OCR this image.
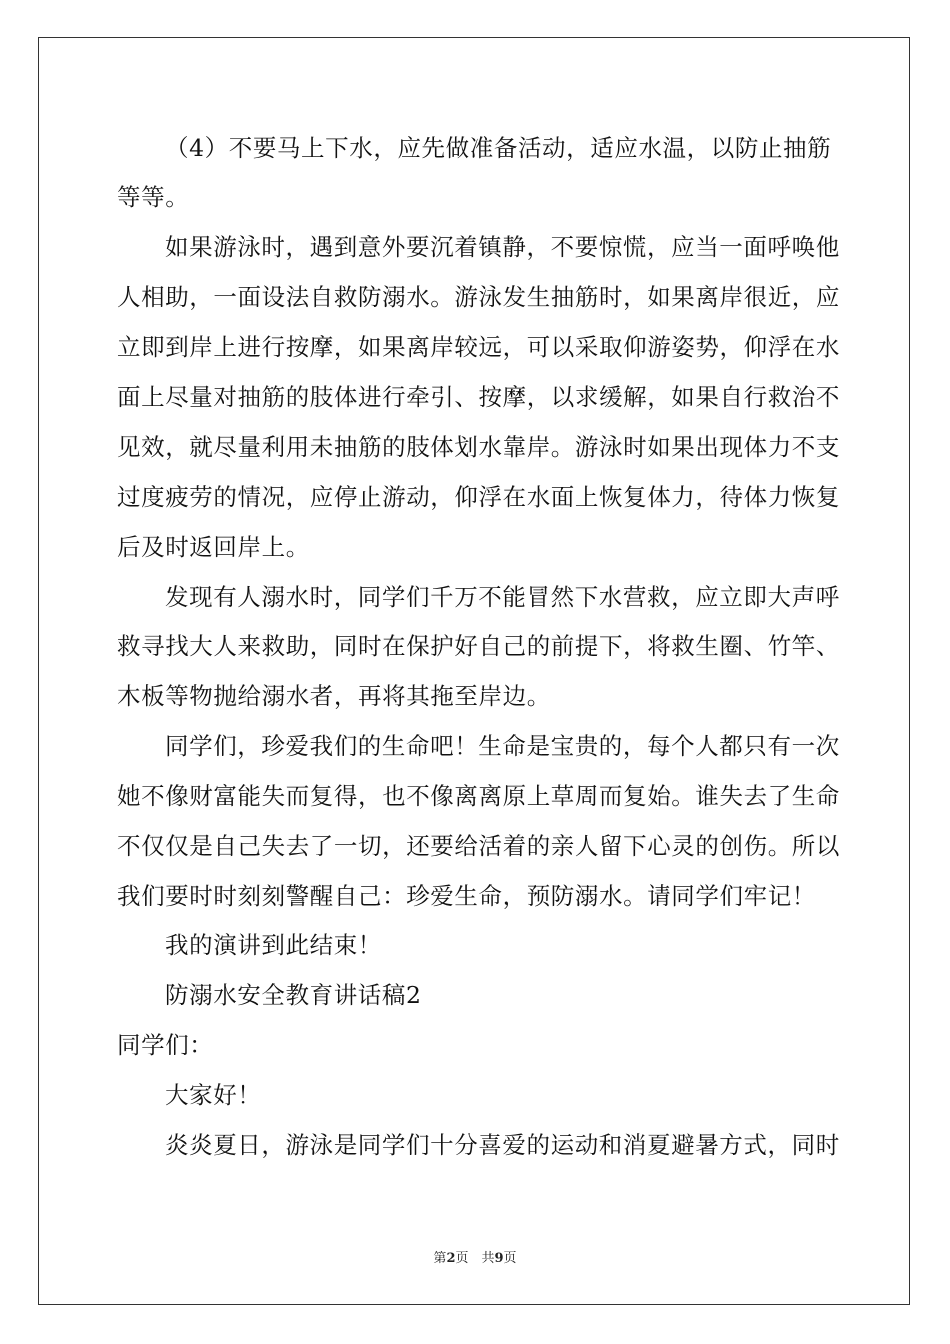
（4）不要马上下水，应先做准备活动，适应水温，以防止抽筋
等等。
如果游泳时，遇到意外要沉着镇静，不要惊慌，应当一面呼唤他
人相助，一面设法自救防溺水。游泳发生抽筋时，如果离岸很近，应
立即到岸上进行按摩，如果离岸较远，可以采取仰游姿势，仰浮在水
面上尽量对抽筋的肢体进行牵引、按摩，以求缓解，如果自行救治不
见效，就尽量利用未抽筋的肢体划水靠岸。游泳时如果出现体力不支
过度疲劳的情况，应停止游动，仰浮在水面上恢复体力，待体力恢复
后及时返回岸上。
发现有人溺水时，同学们千万不能冒然下水营救，应立即大声呼
救寻找大人来救助，同时在保护好自己的前提下，将救生圈、竹竿、
木板等物抛给溺水者，再将其拖至岸边。
同学们，珍爱我们的生命吧！生命是宝贵的，每个人都只有一次
她不像财富能失而复得，也不像离离原上草周而复始。谁失去了生命
不仅仅是自己失去了一切，还要给活着的亲人留下心灵的创伤。所以
我们要时时刻刻警醒自己：珍爱生命，预防溺水。请同学们牢记！
我的演讲到此结束！
防溺水安全教育讲话稿2
同学们：
大家好！
炎炎夏日，游泳是同学们十分喜爱的运动和消夏避暑方式，同时
第2页　共9页
